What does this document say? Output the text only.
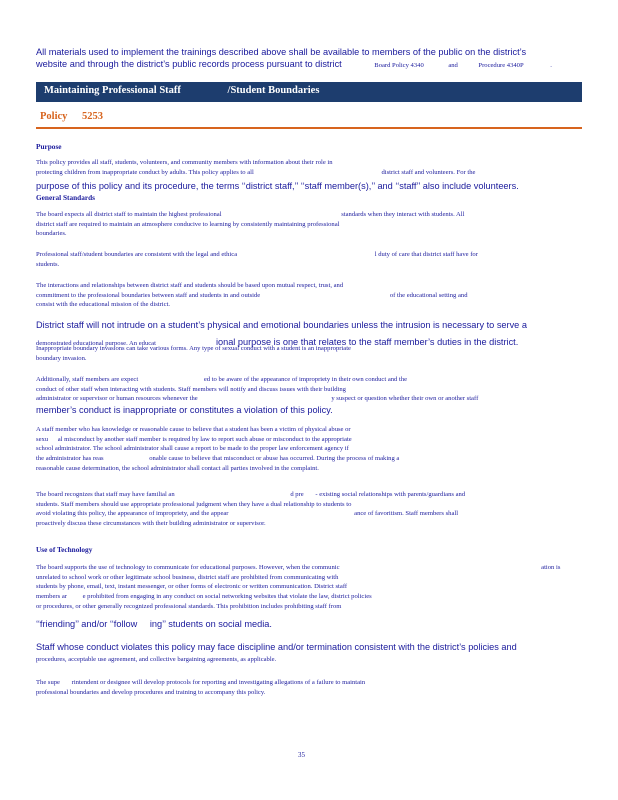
All materials used to implement the trainings described above shall be available to members of the public on the district’s
website and through the district’s public records process pursuant to district	Board Policy 4340	and	Procedure 4340P	.
Maintaining Professional Staff	/Student Boundaries
Policy 5253
Purpose
This policy provides all staff, students, volunteers, and community members with information about their role in
protecting children from inappropriate conduct by adults. This policy applies to all	district staff and volunteers. For the
purpose of this policy and its procedure, the terms ‘‘district staff,’’ ‘‘staff member(s),’’ and ‘‘staff’’ also include volunteers.
General Standards
The board expects all district staff to maintain the highest professional	standards when they interact with students. All
district staff are required to maintain an atmosphere conducive to learning by consistently maintaining professional
boundaries.
Professional staff/student boundaries are consistent with the legal and ethica	l duty of care that district staff have for
students.
The interactions and relationships between district staff and students should be based upon mutual respect, trust, and
commitment to the professional boundaries between staff and students in and outside	of the educational setting and
consist with the educational mission of the district.
District staff will not intrude on a student’s physical and emotional boundaries unless the intrusion is necessary to serve a
demonstrated educational purpose. An educat	ional purpose is one that relates to the staff member’s duties in the district.
Inappropriate boundary invasions can take various forms. Any type of sexual conduct with a student is an inappropriate
boundary invasion.
Additionally, staff members are expect	ed to be aware of the appearance of impropriety in their own conduct and the
conduct of other staff when interacting with students. Staff members will notify and discuss issues with their building
administrator or supervisor or human resources whenever the	y suspect or question whether their own or another staff
member’s conduct is inappropriate or constitutes a violation of this policy.
A staff member who has knowledge or reasonable cause to believe that a student has been a victim of physical abuse or
sexu al misconduct by another staff member is required by law to report such abuse or misconduct to the appropriate
school administrator. The school administrator shall cause a report to be made to the proper law enforcement agency if
the administrator has reas	onable cause to believe that misconduct or abuse has occurred. During the process of making a
reasonable cause determination, the school administrator shall contact all parties involved in the complaint.
The board recognizes that staff may have familial an	d pre - existing social relationships with parents/guardians and
students. Staff members should use appropriate professional judgment when they have a dual relationship to students to
avoid violating this policy, the appearance of impropriety, and the appear	ance of favoritism. Staff members shall
proactively discuss these circumstances with their building administrator or supervisor.
Use of Technology
The board supports the use of technology to communicate for educational purposes. However, when the communic	ation is
unrelated to school work or other legitimate school business, district staff are prohibited from communicating with
students by phone, email, text, instant messenger, or other forms of electronic or written communication. District staff
members ar e prohibited from engaging in any conduct on social networking websites that violate the law, district policies
or procedures, or other generally recognized professional standards. This prohibition includes prohibiting staff from
‘‘friending’’ and/or ‘‘follow ing’’ students on social media.
Staff whose conduct violates this policy may face discipline and/or termination consistent with the district’s policies and
procedures, acceptable use agreement, and collective bargaining agreements, as applicable.
The supe rintendent or designee will develop protocols for reporting and investigating allegations of a failure to maintain
professional boundaries and develop procedures and training to accompany this policy.
35
